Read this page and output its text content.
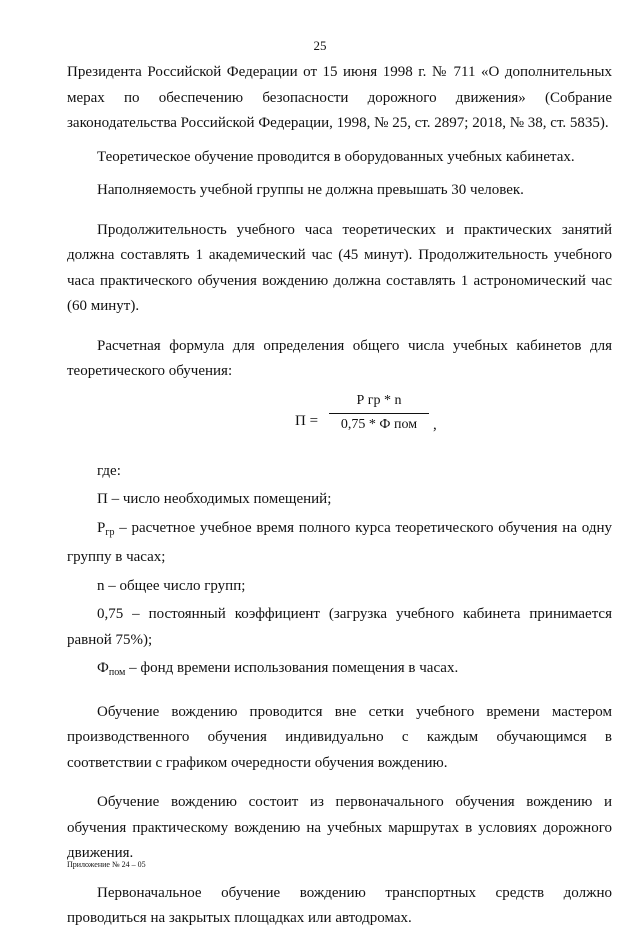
25

Президента Российской Федерации от 15 июня 1998 г. № 711 «О дополнительных мерах по обеспечению безопасности дорожного движения» (Собрание законодательства Российской Федерации, 1998, № 25, ст. 2897; 2018, № 38, ст. 5835).

Теоретическое обучение проводится в оборудованных учебных кабинетах.

Наполняемость учебной группы не должна превышать 30 человек.

Продолжительность учебного часа теоретических и практических занятий должна составлять 1 академический час (45 минут). Продолжительность учебного часа практического обучения вождению должна составлять 1 астрономический час (60 минут).

Расчетная формула для определения общего числа учебных кабинетов для теоретического обучения:

П =
Р гр * n
0,75 * Ф пом	,

где:

П – число необходимых помещений;

$Р_{гр}$ – расчетное учебное время полного курса теоретического обучения на одну группу в часах;

n – общее число групп;

0,75 – постоянный коэффициент (загрузка учебного кабинета принимается равной 75%);

$Ф_{пом}$ – фонд времени использования помещения в часах.

Обучение вождению проводится вне сетки учебного времени мастером производственного обучения индивидуально с каждым обучающимся в соответствии с графиком очередности обучения вождению.

Обучение вождению состоит из первоначального обучения вождению и обучения практическому вождению на учебных маршрутах в условиях дорожного движения.

Первоначальное обучение вождению транспортных средств должно проводиться на закрытых площадках или автодромах.

Приложение № 24 – 05
